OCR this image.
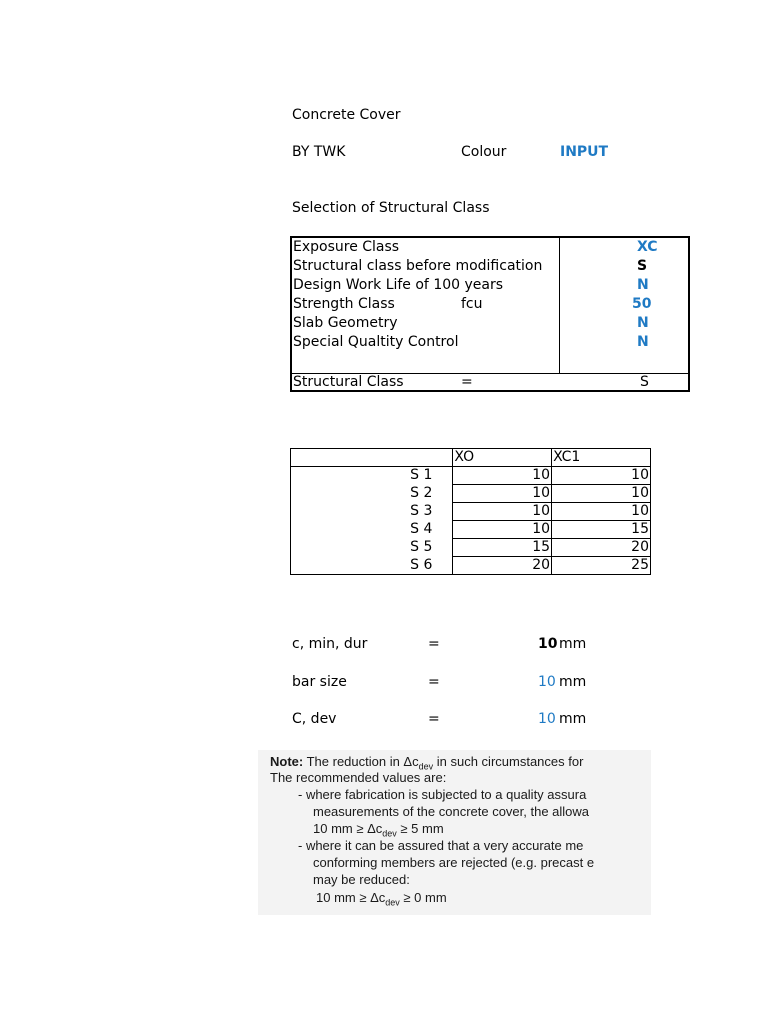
Concrete Cover
BY TWK	Colour	INPUT
Selection of Structural Class
Exposure Class	XC
Structural class before modification	S
Design Work Life of 100 years	N
Strength Class	fcu	50
Slab Geometry	N
Special Qualtity Control	N
Structural Class	=	S
	XO	XC1
S 1	10	10
S 2	10	10
S 3	10	10
S 4	10	15
S 5	15	20
S 6	20	25
c, min, dur	=	10 mm
bar size	=	10 mm
C, dev	=	10 mm
Note: The reduction in $\Delta c_{dev}$ in such circumstances for
The recommended values are:
- where fabrication is subjected to a quality assura
measurements of the concrete cover, the allowa
10 mm ≥ $\Delta c_{dev} \ge 5$ mm
- where it can be assured that a very accurate me
conforming members are rejected (e.g. precast e
may be reduced:
10 mm ≥ $\Delta c_{dev} \ge 0$ mm
